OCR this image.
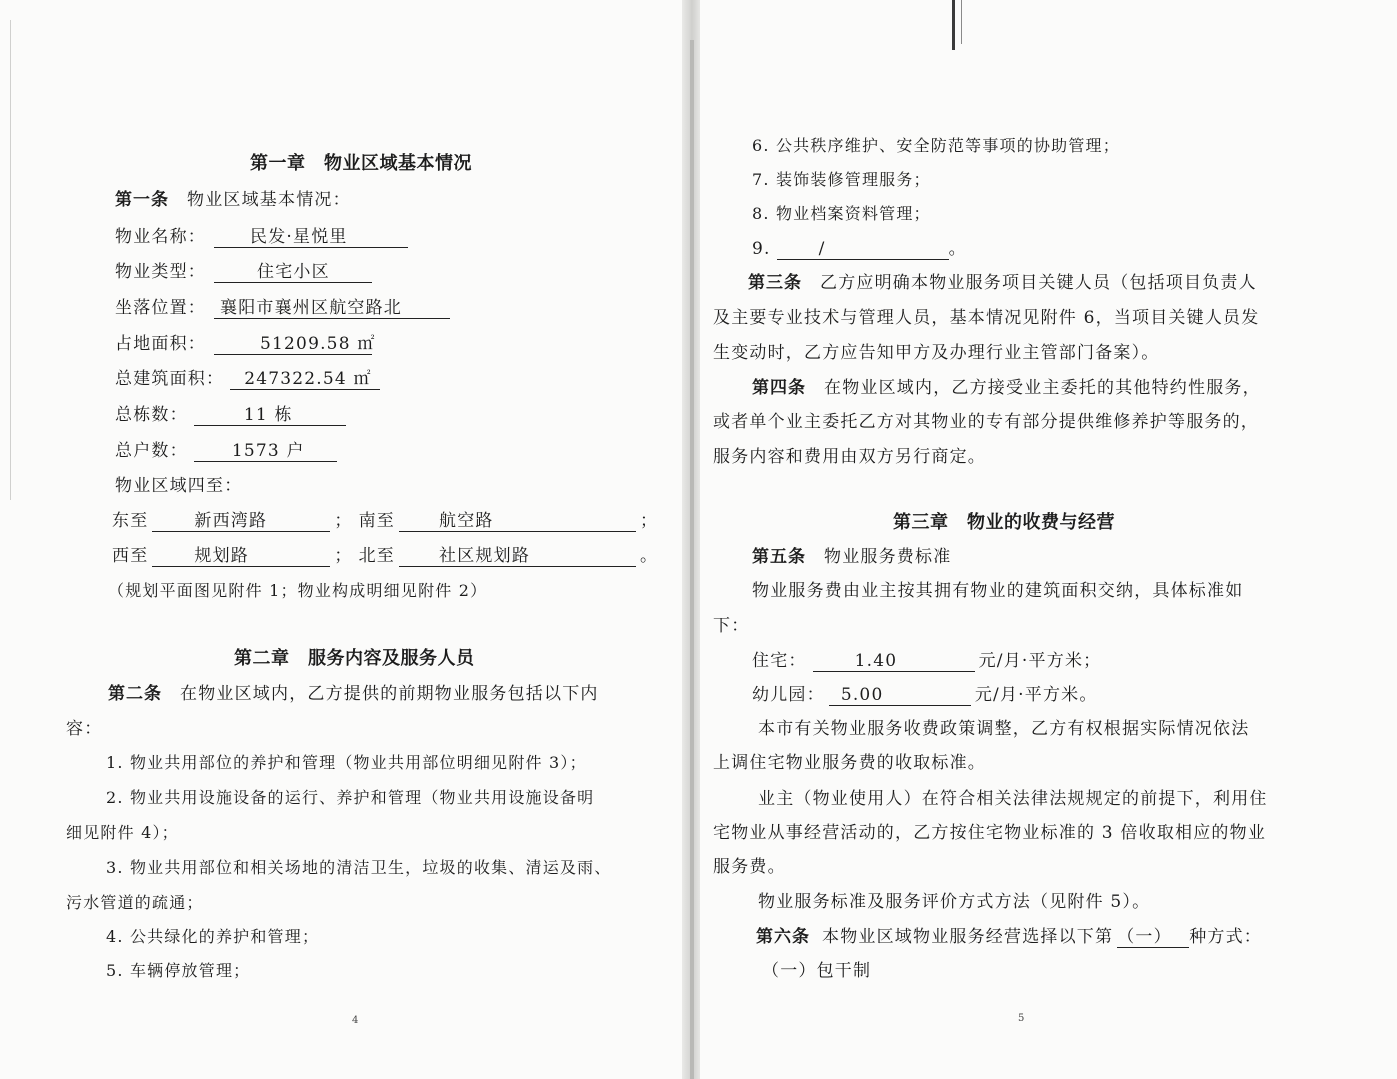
第一章　物业区域基本情况
第一条 物业区域基本情况：
物业名称：	民发·星悦里
物业类型：	住宅小区
坐落位置： 襄阳市襄州区航空路北
占地面积：	51209.58 ㎡
总建筑面积： 247322.54 ㎡
总栋数：	11 栋
总户数：	1573 户
物业区域四至：
东至	新西湾路	； 南至	航空路	；
西至	规划路	； 北至	社区规划路	。
（规划平面图见附件 1；物业构成明细见附件 2）
第二章　服务内容及服务人员
第二条 在物业区域内，乙方提供的前期物业服务包括以下内
容：
1. 物业共用部位的养护和管理（物业共用部位明细见附件 3）；
2. 物业共用设施设备的运行、养护和管理（物业共用设施设备明
细见附件 4）；
3. 物业共用部位和相关场地的清洁卫生，垃圾的收集、清运及雨、
污水管道的疏通；
4. 公共绿化的养护和管理；
5. 车辆停放管理；
4
6. 公共秩序维护、安全防范等事项的协助管理；
7. 装饰装修管理服务；
8. 物业档案资料管理；
9.	/	。
第三条 乙方应明确本物业服务项目关键人员（包括项目负责人
及主要专业技术与管理人员，基本情况见附件 6，当项目关键人员发
生变动时，乙方应告知甲方及办理行业主管部门备案）。
第四条 在物业区域内，乙方接受业主委托的其他特约性服务，
或者单个业主委托乙方对其物业的专有部分提供维修养护等服务的，
服务内容和费用由双方另行商定。
第三章　物业的收费与经营
第五条 物业服务费标准
物业服务费由业主按其拥有物业的建筑面积交纳，具体标准如
下：
住宅：	1.40	元/月·平方米；
幼儿园： 5.00	元/月·平方米。
本市有关物业服务收费政策调整，乙方有权根据实际情况依法
上调住宅物业服务费的收取标准。
业主（物业使用人）在符合相关法律法规规定的前提下，利用住
宅物业从事经营活动的，乙方按住宅物业标准的 3 倍收取相应的物业
服务费。
物业服务标准及服务评价方式方法（见附件 5）。
第六条 本物业区域物业服务经营选择以下第 （一） 种方式：
（一）包干制
5
